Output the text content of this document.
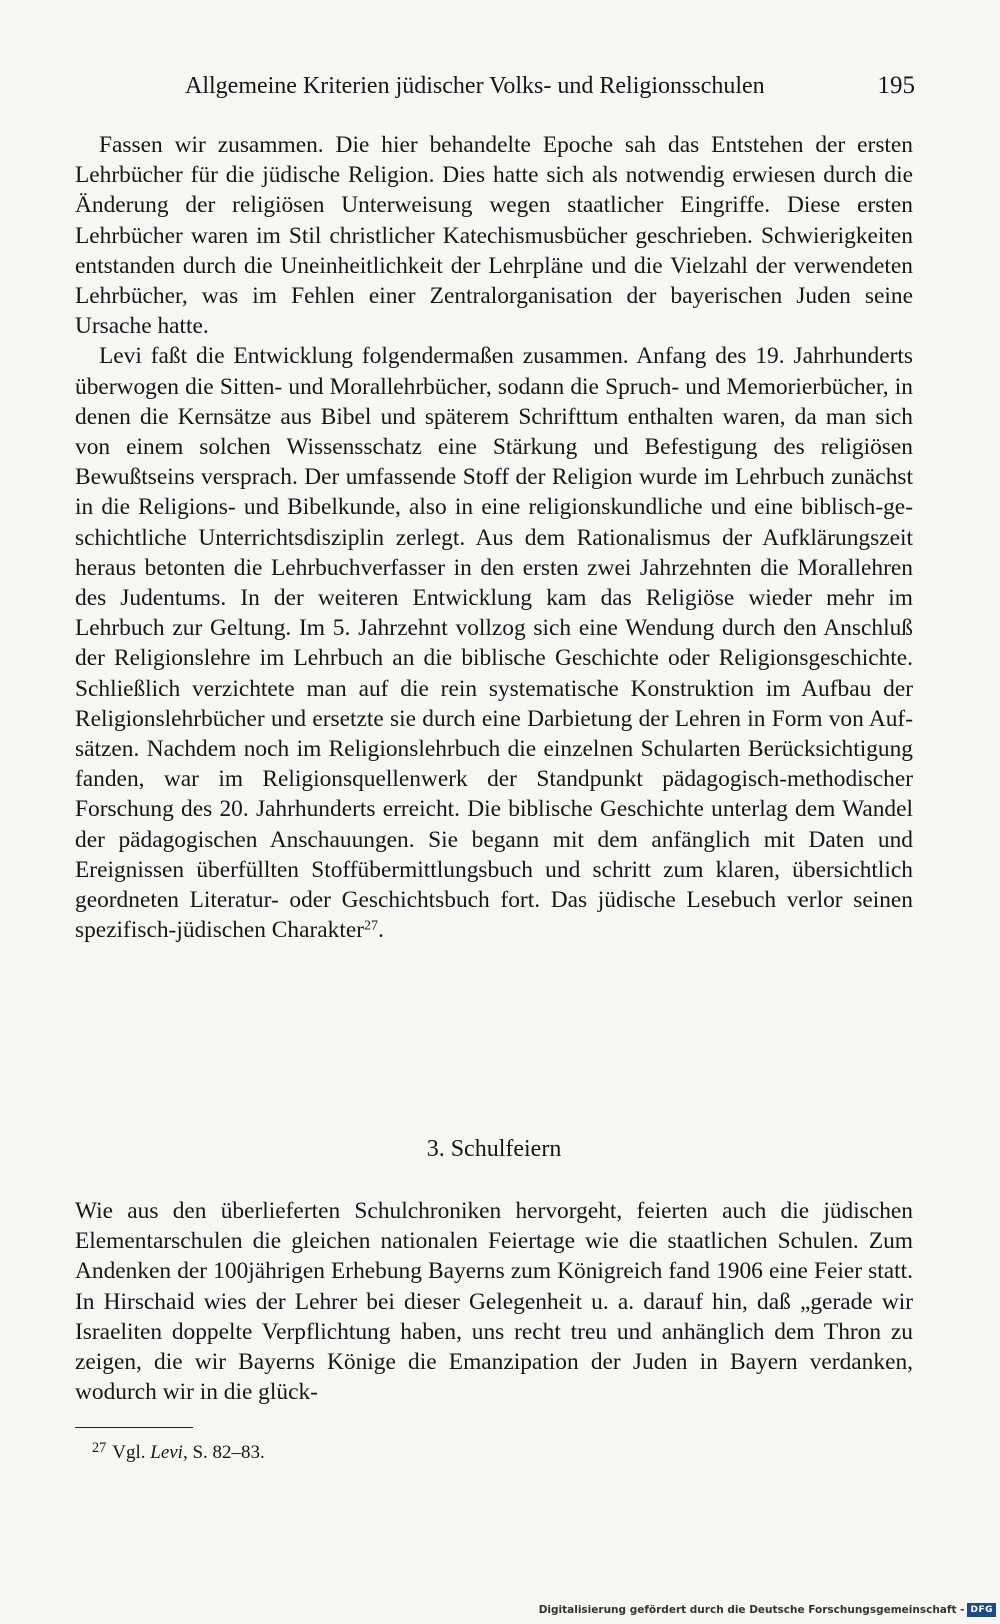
Allgemeine Kriterien jüdischer Volks- und Religionsschulen	195

Fassen wir zusammen. Die hier behandelte Epoche sah das Entstehen der ersten Lehrbücher für die jüdische Religion. Dies hatte sich als notwendig erwiesen durch die Änderung der religiösen Unterweisung wegen staatlicher Eingriffe. Diese ersten Lehrbücher waren im Stil christlicher Katechismusbücher geschrieben. Schwierigkeiten entstanden durch die Uneinheitlichkeit der Lehrpläne und die Vielzahl der verwendeten Lehrbücher, was im Fehlen einer Zentralorganisation der bayerischen Juden seine Ursache hatte.

Levi faßt die Entwicklung folgendermaßen zusammen. Anfang des 19. Jahrhunderts überwogen die Sitten- und Morallehrbücher, sodann die Spruch- und Memorierbücher, in denen die Kernsätze aus Bibel und späterem Schrifttum enthalten waren, da man sich von einem solchen Wissensschatz eine Stärkung und Befestigung des religiösen Bewußtseins versprach. Der umfassende Stoff der Religion wurde im Lehrbuch zunächst in die Religions- und Bibelkunde, also in eine religionskundliche und eine biblisch-geschichtliche Unterrichtsdisziplin zerlegt. Aus dem Rationalismus der Aufklärungszeit heraus betonten die Lehrbuchverfasser in den ersten zwei Jahrzehnten die Morallehren des Judentums. In der weiteren Entwicklung kam das Religiöse wieder mehr im Lehrbuch zur Geltung. Im 5. Jahrzehnt vollzog sich eine Wendung durch den Anschluß der Religionslehre im Lehrbuch an die biblische Geschichte oder Religionsgeschichte. Schließlich verzichtete man auf die rein systematische Konstruktion im Aufbau der Religionslehrbücher und ersetzte sie durch eine Darbietung der Lehren in Form von Aufsätzen. Nachdem noch im Religionslehrbuch die einzelnen Schularten Berücksichtigung fanden, war im Religionsquellenwerk der Standpunkt pädagogisch-methodischer Forschung des 20. Jahrhunderts erreicht. Die biblische Geschichte unterlag dem Wandel der pädagogischen Anschauungen. Sie begann mit dem anfänglich mit Daten und Ereignissen überfüllten Stoffübermittlungsbuch und schritt zum klaren, übersichtlich geordneten Literatur- oder Geschichtsbuch fort. Das jüdische Lesebuch verlor seinen spezifisch-jüdischen Charakter$^{27}$.

3. Schulfeiern

Wie aus den überlieferten Schulchroniken hervorgeht, feierten auch die jüdischen Elementarschulen die gleichen nationalen Feiertage wie die staatlichen Schulen. Zum Andenken der 100jährigen Erhebung Bayerns zum Königreich fand 1906 eine Feier statt. In Hirschaid wies der Lehrer bei dieser Gelegenheit u. a. darauf hin, daß „gerade wir Israeliten doppelte Verpflichtung haben, uns recht treu und anhänglich dem Thron zu zeigen, die wir Bayerns Könige die Emanzipation der Juden in Bayern verdanken, wodurch wir in die glück-

$^{27}$ Vgl. Levi, S. 82–83.
Digitalisierung gefördert durch die Deutsche Forschungsgemeinschaft - DFG
